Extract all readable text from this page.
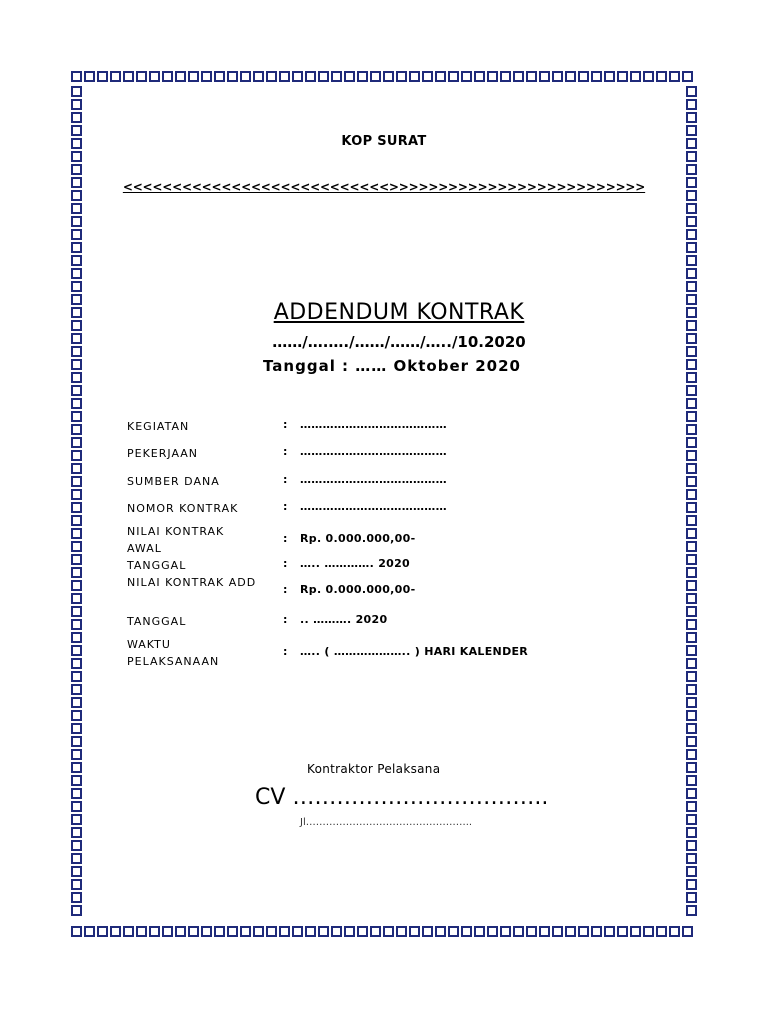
KOP SURAT
<<<<<<<<<<<<<<<<<<<<<<<<<<<>>>>>>>>>>>>>>>>>>>>>>>>>>
ADDENDUM KONTRAK
……/….…./……/……/…../10.2020
Tanggal : …… Oktober 2020
KEGIATAN	: …………………………………
PEKERJAAN	: …………………………………
SUMBER DANA	: …………………………………
NOMOR KONTRAK	: …………………………………
NILAI KONTRAK AWAL
: Rp. 0.000.000,00-
TANGGAL	: ….. …………. 2020
NILAI KONTRAK ADD
: Rp. 0.000.000,00-
TANGGAL	: .. ………. 2020
WAKTU PELAKSANAAN
: ….. ( ……………….. ) HARI KALENDER
Kontraktor Pelaksana
CV ……………………………..
Jl…………………………………………..
